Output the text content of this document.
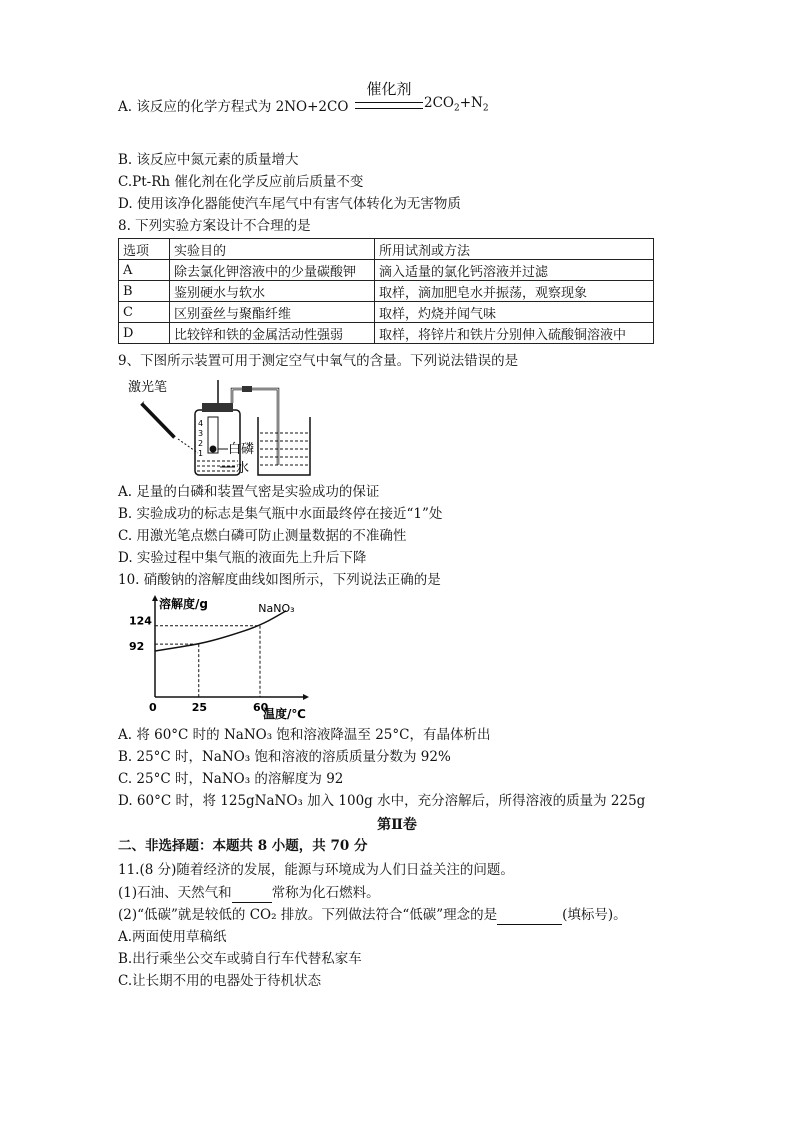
A. 该反应的化学方程式为 2NO+2CO
催化剂
$2CO_2+N_2$
B. 该反应中氮元素的质量增大
C.Pt-Rh 催化剂在化学反应前后质量不变
D. 使用该净化器能使汽车尾气中有害气体转化为无害物质
8. 下列实验方案设计不合理的是
选项	实验目的	所用试剂或方法
A	除去氯化钾溶液中的少量碳酸钾	滴入适量的氯化钙溶液并过滤
B	鉴别硬水与软水	取样，滴加肥皂水并振荡，观察现象
C	区别蚕丝与聚酯纤维	取样，灼烧并闻气味
D	比较锌和铁的金属活动性强弱	取样，将锌片和铁片分别伸入硫酸铜溶液中
9、下图所示装置可用于测定空气中氧气的含量。下列说法错误的是
激光笔
4
3
2
1 白磷
水
A. 足量的白磷和装置气密是实验成功的保证
B. 实验成功的标志是集气瓶中水面最终停在接近“1”处
C. 用激光笔点燃白磷可防止测量数据的不准确性
D. 实验过程中集气瓶的液面先上升后下降
10. 硝酸钠的溶解度曲线如图所示，下列说法正确的是
溶解度/g
温度/℃
NaNO₃
0	25	60
124
92
A. 将 60°C 时的 NaNO₃ 饱和溶液降温至 25°C，有晶体析出
B. 25°C 时，NaNO₃ 饱和溶液的溶质质量分数为 92%
C. 25°C 时，NaNO₃ 的溶解度为 92
D. 60°C 时，将 125gNaNO₃ 加入 100g 水中，充分溶解后，所得溶液的质量为 225g
第Ⅱ卷
二、非选择题：本题共 8 小题，共 70 分
11.(8 分)随着经济的发展，能源与环境成为人们日益关注的问题。
(1)石油、天然气和	常称为化石燃料。
(2)“低碳”就是较低的 CO₂ 排放。下列做法符合“低碳”理念的是	(填标号)。
A.两面使用草稿纸
B.出行乘坐公交车或骑自行车代替私家车
C.让长期不用的电器处于待机状态
